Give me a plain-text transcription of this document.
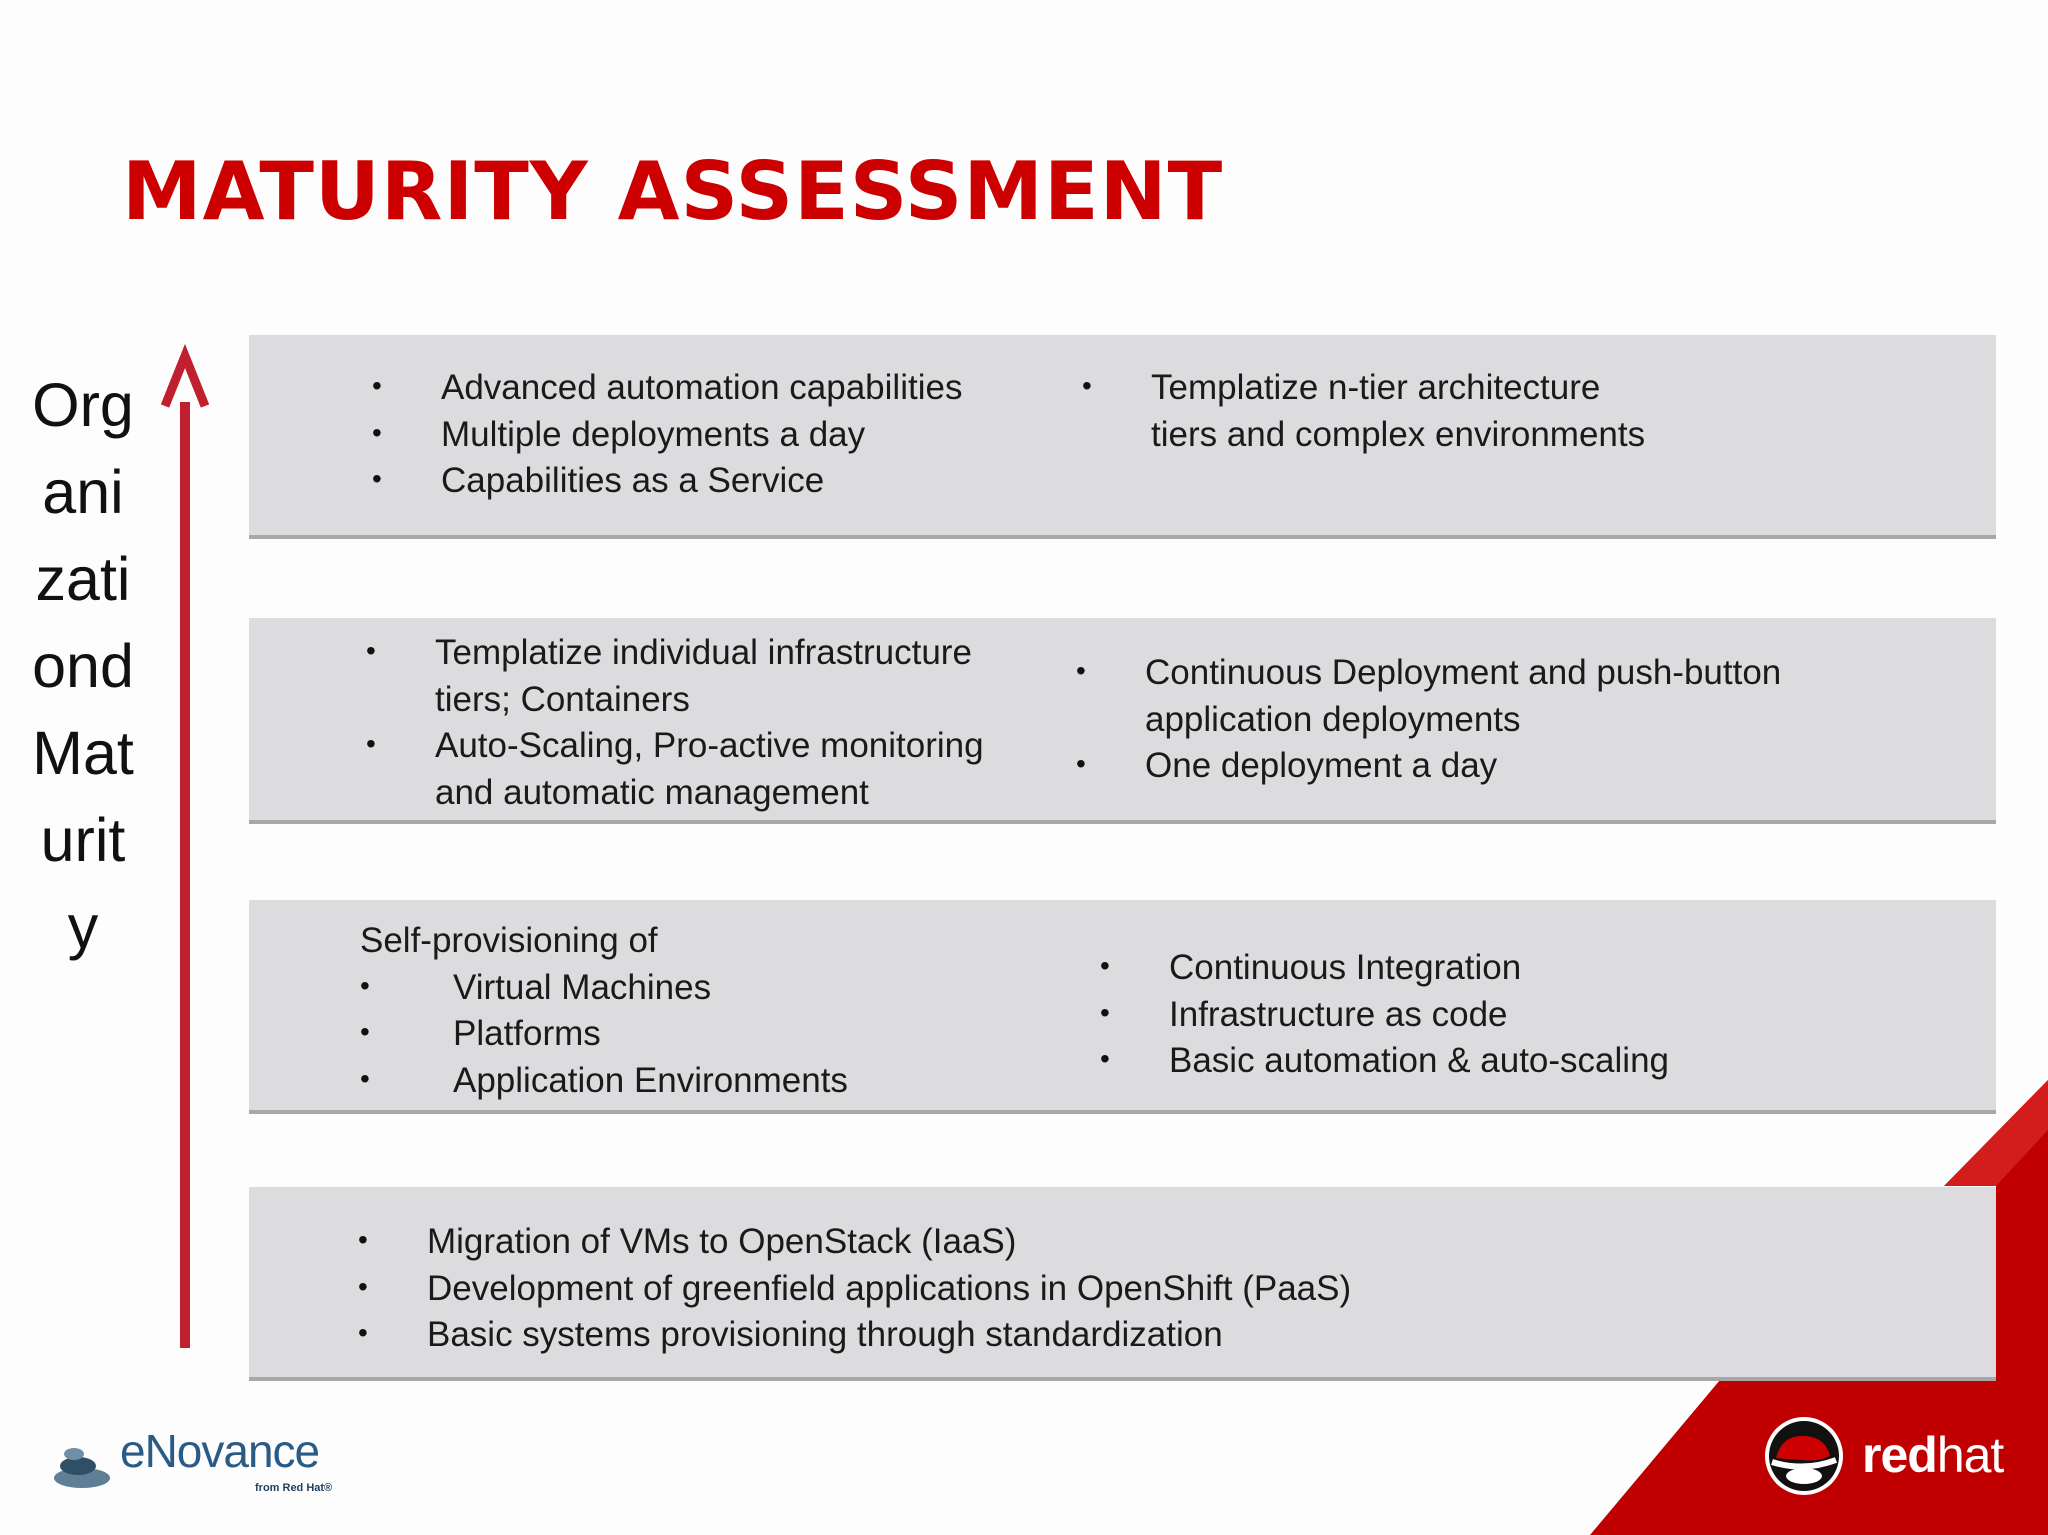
MATURITY ASSESSMENT
Organizationd Maturity
• Advanced automation capabilities
• Multiple deployments a day
• Capabilities as a Service
• Templatize n-tier architecture
tiers and complex environments
• Templatize individual infrastructure
tiers; Containers
• Auto-Scaling, Pro-active monitoring
and automatic management
• Continuous Deployment and push-button
application deployments
• One deployment a day
Self-provisioning of
• Virtual Machines
• Platforms
• Application Environments
• Continuous Integration
• Infrastructure as code
• Basic automation & auto-scaling
• Migration of VMs to OpenStack (IaaS)
• Development of greenfield applications in OpenShift (PaaS)
• Basic systems provisioning through standardization
eNovance
from Red Hat®
redhat
